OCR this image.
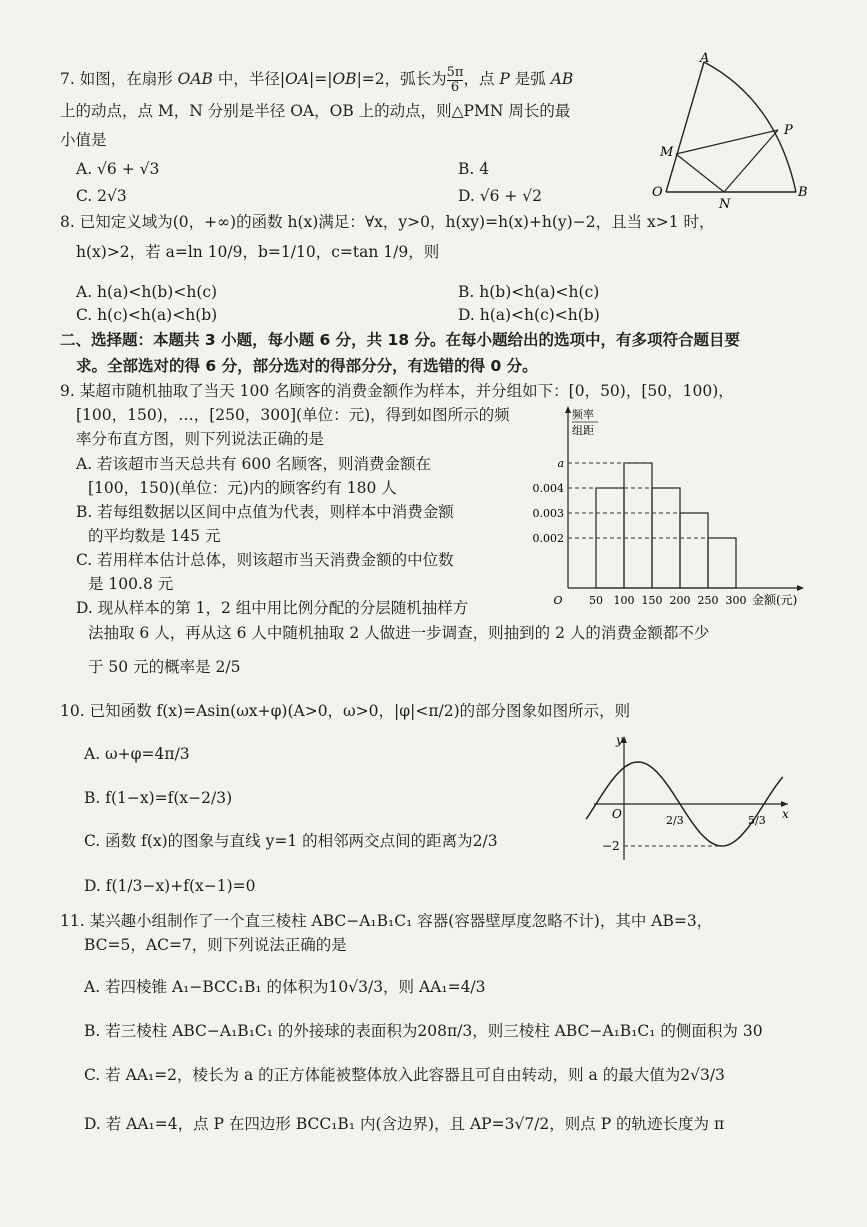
7. 如图，在扇形 OAB 中，半径|OA|=|OB|=2，弧长为 $\frac{5\pi}{6}$ ，点 P 是弧 AB
上的动点，点 M，N 分别是半径 OA，OB 上的动点，则△PMN 周长的最
小值是
A. √6 + √3	B. 4
C. 2√3	D. √6 + √2
A
P
M
O
N
B
8. 已知定义域为(0，+∞)的函数 h(x)满足：∀x，y>0，h(xy)=h(x)+h(y)−2，且当 x>1 时，
h(x)>2，若 a=ln 10/9，b=1/10，c=tan 1/9，则
A. h(a)<h(b)<h(c)	B. h(b)<h(a)<h(c)
C. h(c)<h(a)<h(b)	D. h(a)<h(c)<h(b)
二、选择题：本题共 3 小题，每小题 6 分，共 18 分。在每小题给出的选项中，有多项符合题目要
求。全部选对的得 6 分，部分选对的得部分分，有选错的得 0 分。
9. 某超市随机抽取了当天 100 名顾客的消费金额作为样本，并分组如下：[0，50)，[50，100)，
[100，150)，…，[250，300](单位：元)，得到如图所示的频
率分布直方图，则下列说法正确的是
A. 若该超市当天总共有 600 名顾客，则消费金额在
[100，150)(单位：元)内的顾客约有 180 人
B. 若每组数据以区间中点值为代表，则样本中消费金额
的平均数是 145 元
C. 若用样本估计总体，则该超市当天消费金额的中位数
是 100.8 元
D. 现从样本的第 1，2 组中用比例分配的分层随机抽样方
法抽取 6 人，再从这 6 人中随机抽取 2 人做进一步调查，则抽到的 2 人的消费金额都不少
于 50 元的概率是 2/5
0.002
0.003
0.004
a
O 50 100 150 200 250 300 金额(元)
频率
组距
10. 已知函数 f(x)=Asin(ωx+φ)(A>0，ω>0，|φ|<π/2)的部分图象如图所示，则
A. ω+φ=4π/3
B. f(1−x)=f(x−2/3)
C. 函数 f(x)的图象与直线 y=1 的相邻两交点间的距离为2/3
D. f(1/3−x)+f(x−1)=0
y
x
O
−2
2/3	5/3
11. 某兴趣小组制作了一个直三棱柱 ABC−A₁B₁C₁ 容器(容器壁厚度忽略不计)，其中 AB=3，
BC=5，AC=7，则下列说法正确的是
A. 若四棱锥 A₁−BCC₁B₁ 的体积为10√3/3，则 AA₁=4/3
B. 若三棱柱 ABC−A₁B₁C₁ 的外接球的表面积为208π/3，则三棱柱 ABC−A₁B₁C₁ 的侧面积为 30
C. 若 AA₁=2，棱长为 a 的正方体能被整体放入此容器且可自由转动，则 a 的最大值为2√3/3
D. 若 AA₁=4，点 P 在四边形 BCC₁B₁ 内(含边界)，且 AP=3√7/2，则点 P 的轨迹长度为 π
